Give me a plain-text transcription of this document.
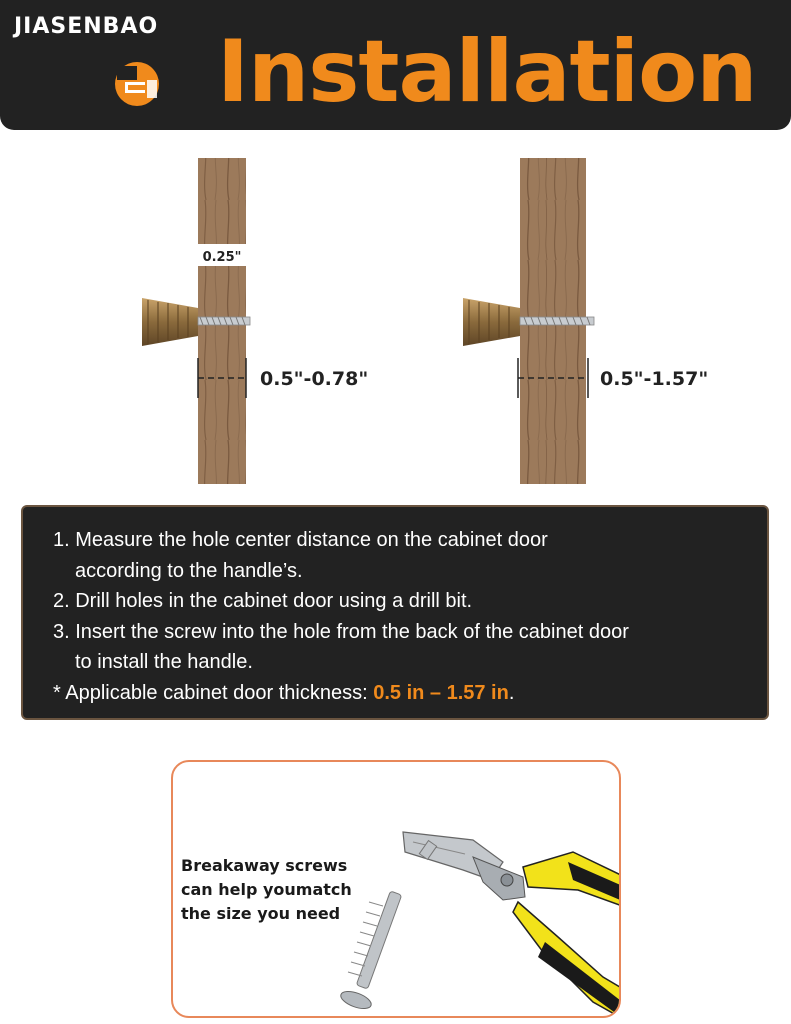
JIASENBAO Installation
0.25"
0.5"-0.78"	0.5"-1.57"
1. Measure the hole center distance on the cabinet door
according to the handle’s.
2. Drill holes in the cabinet door using a drill bit.
3. Insert the screw into the hole from the back of the cabinet door
to install the handle.
* Applicable cabinet door thickness: 0.5 in – 1.57 in.
Breakaway screws
can help youmatch
the size you need
